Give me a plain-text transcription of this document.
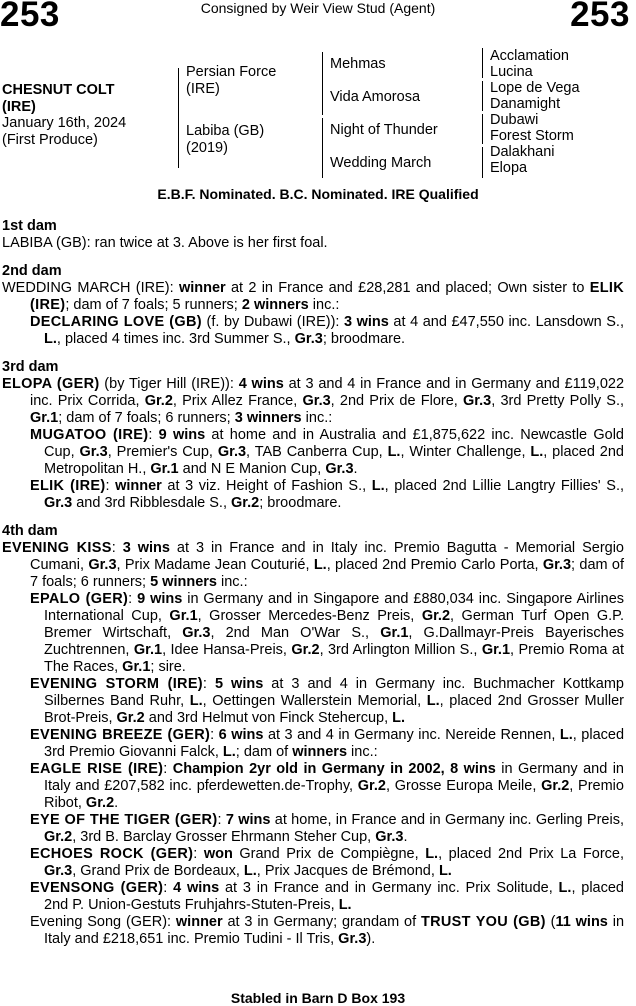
253	Consigned by Weir View Stud (Agent)	253
CHESNUT COLT
(IRE)
January 16th, 2024
(First Produce)
Persian Force
(IRE)
Labiba (GB)
(2019)
Mehmas
Vida Amorosa
Night of Thunder
Wedding March
Acclamation
Lucina
Lope de Vega
Danamight
Dubawi
Forest Storm
Dalakhani
Elopa
E.B.F. Nominated. B.C. Nominated. IRE Qualified

1st dam

LABIBA (GB): ran twice at 3. Above is her first foal.

2nd dam

WEDDING MARCH (IRE): winner at 2 in France and £28,281 and placed; Own sister to ELIK (IRE); dam of 7 foals; 5 runners; 2 winners inc.:

DECLARING LOVE (GB) (f. by Dubawi (IRE)): 3 wins at 4 and £47,550 inc. Lansdown S., L., placed 4 times inc. 3rd Summer S., Gr.3; broodmare.

3rd dam

ELOPA (GER) (by Tiger Hill (IRE)): 4 wins at 3 and 4 in France and in Germany and £119,022 inc. Prix Corrida, Gr.2, Prix Allez France, Gr.3, 2nd Prix de Flore, Gr.3, 3rd Pretty Polly S., Gr.1; dam of 7 foals; 6 runners; 3 winners inc.:

MUGATOO (IRE): 9 wins at home and in Australia and £1,875,622 inc. Newcastle Gold Cup, Gr.3, Premier's Cup, Gr.3, TAB Canberra Cup, L., Winter Challenge, L., placed 2nd Metropolitan H., Gr.1 and N E Manion Cup, Gr.3.

ELIK (IRE): winner at 3 viz. Height of Fashion S., L., placed 2nd Lillie Langtry Fillies' S., Gr.3 and 3rd Ribblesdale S., Gr.2; broodmare.

4th dam

EVENING KISS: 3 wins at 3 in France and in Italy inc. Premio Bagutta - Memorial Sergio Cumani, Gr.3, Prix Madame Jean Couturié, L., placed 2nd Premio Carlo Porta, Gr.3; dam of 7 foals; 6 runners; 5 winners inc.:

EPALO (GER): 9 wins in Germany and in Singapore and £880,034 inc. Singapore Airlines International Cup, Gr.1, Grosser Mercedes-Benz Preis, Gr.2, German Turf Open G.P. Bremer Wirtschaft, Gr.3, 2nd Man O'War S., Gr.1, G.Dallmayr-Preis Bayerisches Zuchtrennen, Gr.1, Idee Hansa-Preis, Gr.2, 3rd Arlington Million S., Gr.1, Premio Roma at The Races, Gr.1; sire.

EVENING STORM (IRE): 5 wins at 3 and 4 in Germany inc. Buchmacher Kottkamp Silbernes Band Ruhr, L., Oettingen Wallerstein Memorial, L., placed 2nd Grosser Muller Brot-Preis, Gr.2 and 3rd Helmut von Finck Stehercup, L.

EVENING BREEZE (GER): 6 wins at 3 and 4 in Germany inc. Nereide Rennen, L., placed 3rd Premio Giovanni Falck, L.; dam of winners inc.:

EAGLE RISE (IRE): Champion 2yr old in Germany in 2002, 8 wins in Germany and in Italy and £207,582 inc. pferdewetten.de-Trophy, Gr.2, Grosse Europa Meile, Gr.2, Premio Ribot, Gr.2.

EYE OF THE TIGER (GER): 7 wins at home, in France and in Germany inc. Gerling Preis, Gr.2, 3rd B. Barclay Grosser Ehrmann Steher Cup, Gr.3.

ECHOES ROCK (GER): won Grand Prix de Compiègne, L., placed 2nd Prix La Force, Gr.3, Grand Prix de Bordeaux, L., Prix Jacques de Brémond, L.

EVENSONG (GER): 4 wins at 3 in France and in Germany inc. Prix Solitude, L., placed 2nd P. Union-Gestuts Fruhjahrs-Stuten-Preis, L.

Evening Song (GER): winner at 3 in Germany; grandam of TRUST YOU (GB) (11 wins in Italy and £218,651 inc. Premio Tudini - Il Tris, Gr.3).

Stabled in Barn D Box 193
